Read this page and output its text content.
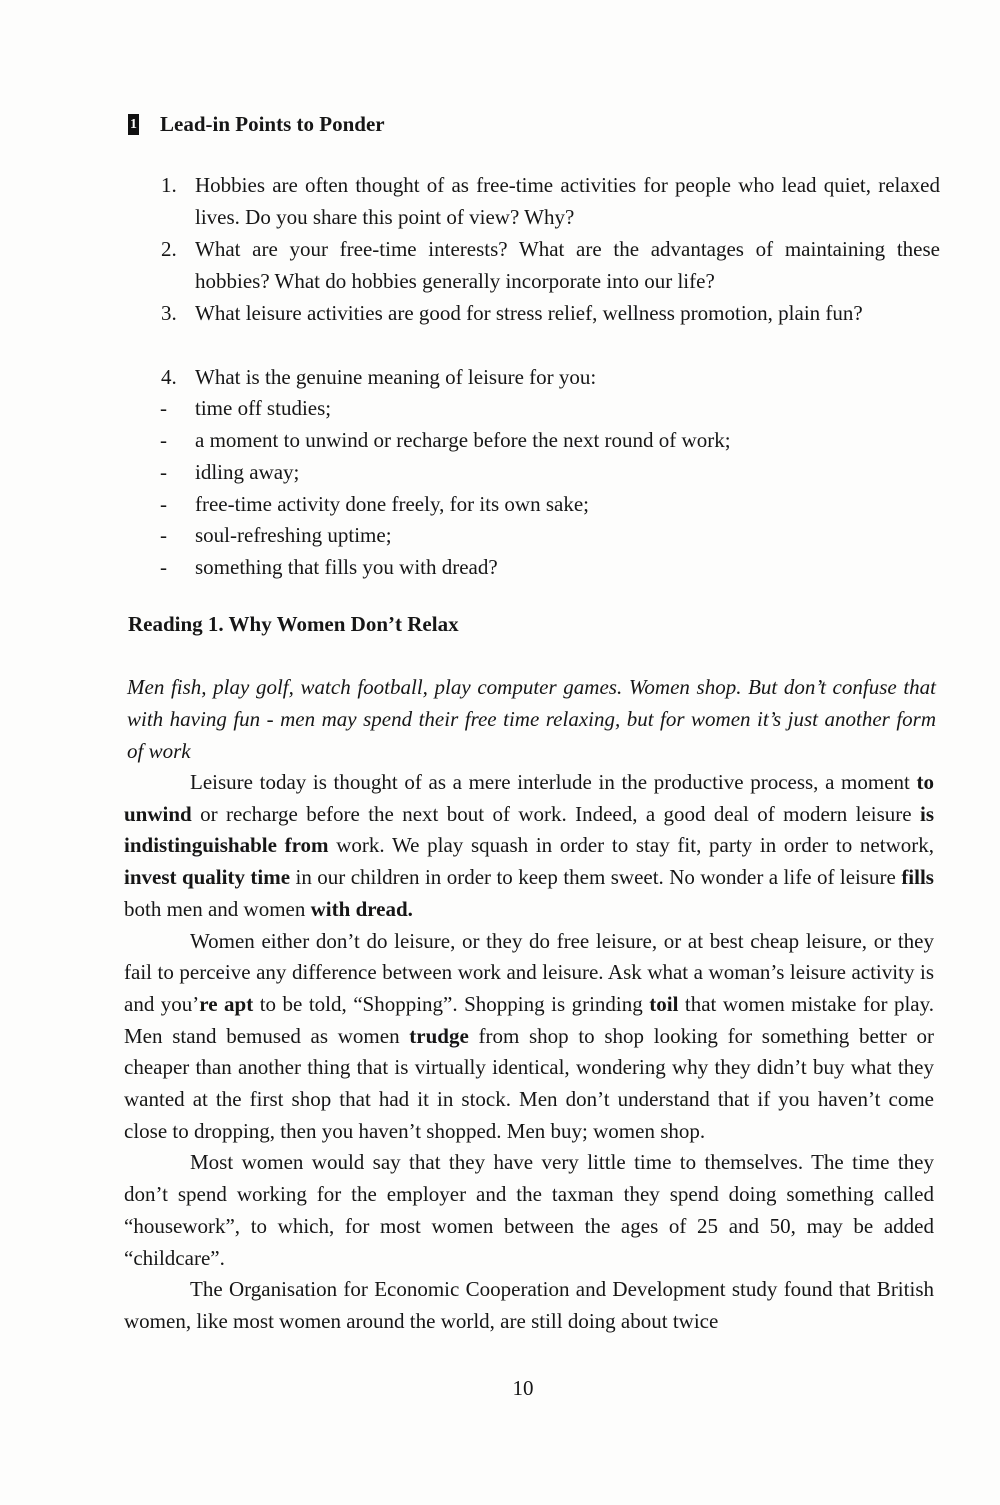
1 Lead-in Points to Ponder
1. Hobbies are often thought of as free-time activities for people who lead quiet, relaxed lives. Do you share this point of view? Why?
2. What are your free-time interests? What are the advantages of maintaining these hobbies? What do hobbies generally incorporate into our life?
3. What leisure activities are good for stress relief, wellness promotion, plain fun?
4. What is the genuine meaning of leisure for you:
- time off studies;
- a moment to unwind or recharge before the next round of work;
- idling away;
- free-time activity done freely, for its own sake;
- soul-refreshing uptime;
- something that fills you with dread?
Reading 1. Why Women Don’t Relax
Men fish, play golf, watch football, play computer games. Women shop. But don’t confuse that with having fun - men may spend their free time relaxing, but for women it’s just another form of work

Leisure today is thought of as a mere interlude in the productive process, a moment to unwind or recharge before the next bout of work. Indeed, a good deal of modern leisure is indistinguishable from work. We play squash in order to stay fit, party in order to network, invest quality time in our children in order to keep them sweet. No wonder a life of leisure fills both men and women with dread.

Women either don’t do leisure, or they do free leisure, or at best cheap leisure, or they fail to perceive any difference between work and leisure. Ask what a woman’s leisure activity is and you’re apt to be told, “Shopping”. Shopping is grinding toil that women mistake for play. Men stand bemused as women trudge from shop to shop looking for something better or cheaper than another thing that is virtually identical, wondering why they didn’t buy what they wanted at the first shop that had it in stock. Men don’t understand that if you haven’t come close to dropping, then you haven’t shopped. Men buy; women shop.

Most women would say that they have very little time to themselves. The time they don’t spend working for the employer and the taxman they spend doing something called “housework”, to which, for most women between the ages of 25 and 50, may be added “childcare”.

The Organisation for Economic Cooperation and Development study found that British women, like most women around the world, are still doing about twice

10
